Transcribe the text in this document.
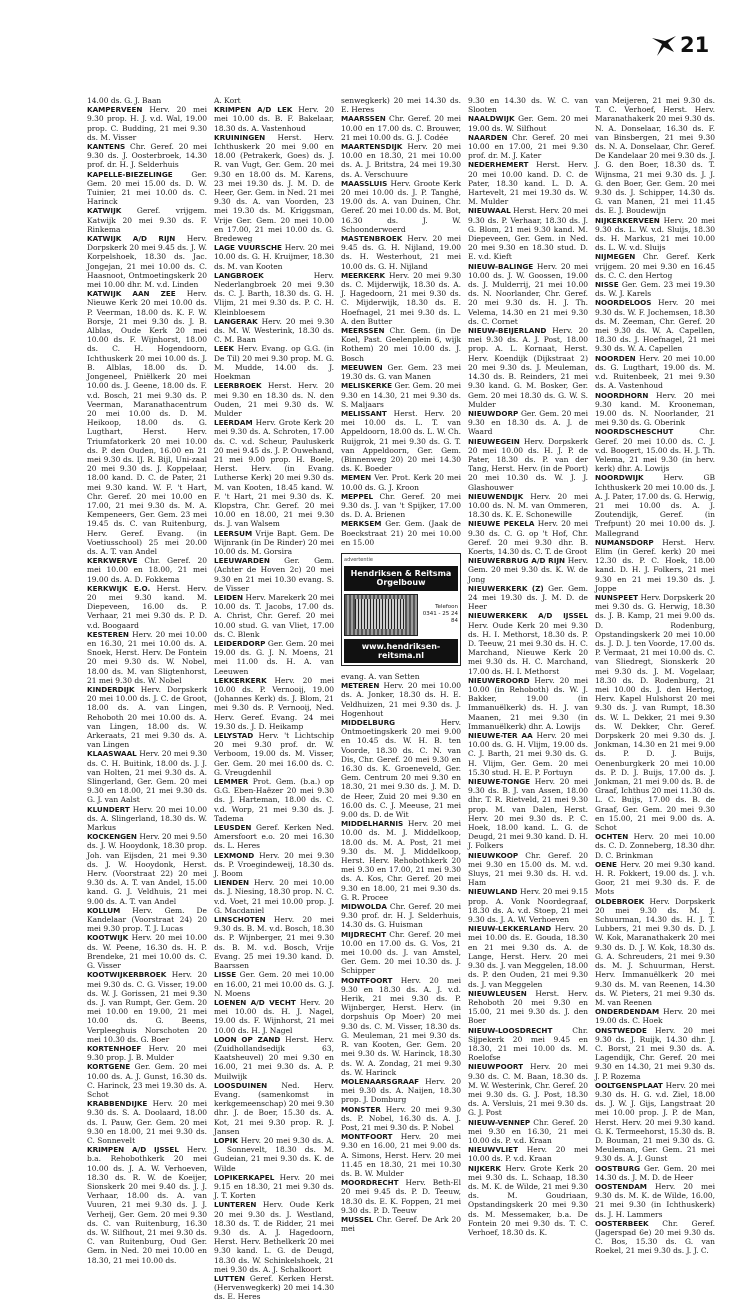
21

14.00 ds. G. J. Baan

KAMPERVEEN Herv. 20 mei 9.30 prop. H. J. v.d. Wal, 19.00 prop. C. Budding, 21 mei 9.30 ds. M. Visser

KANTENS Chr. Geref. 20 mei 9.30 ds. J. Oosterbroek, 14.30 prof. dr. H. J. Selderhuis

KAPELLE-BIEZELINGE	Ger. Gem. 20 mei 15.00 ds. D. W. Tuinier, 21 mei 10.00 ds. C. Harinck

KATWIJK Geref. vrijgem. Katwijk 20 mei 9.30 ds. F. Rinkema

KATWIJK A/D RIJN Herv. Dorpskerk 20 mei 9.45 ds. J. W. Korpelshoek, 18.30 ds. Jac. Jongejan, 21 mei 10.00 ds. C. Haasnoot, Ontmoetingskerk 20 mei 10.00 dhr. M. v.d. Linden

KATWIJK AAN ZEE Herv. Nieuwe Kerk 20 mei 10.00 ds. P. Veerman, 18.00 ds. K. F. W. Borsje, 21 mei 9.30 ds. J. B. Alblas, Oude Kerk 20 mei 10.00 ds. F. Wijnhorst, 18.00 ds. C. H. Hogendoorn, Ichthuskerk 20 mei 10.00 ds. J. B. Alblas, 18.00 ds. D. Jongeneel, Pniëlkerk 20 mei 10.00 ds. J. Geene, 18.00 ds. F. v.d. Bosch, 21 mei 9.30 ds. P. Veerman, Maranathacentrum 20 mei 10.00 ds. D. M. Heikoop, 18.00 ds. G. Lugthart, Herst. Herv. Triumfatorkerk 20 mei 10.00 ds. P. den Ouden, 16.00 en 21 mei 9.30 ds. IJ. R. Bijl, Uni-zaal 20 mei 9.30 ds. J. Koppelaar, 18.00 kand. D. C. de Pater, 21 mei 9.30 kand. W. F. 't Hart, Chr. Geref. 20 mei 10.00 en 17.00, 21 mei 9.30 ds. M. A. Kempeneers, Ger. Gem. 23 mei 19.45 ds. C. van Ruitenburg, Herv. Geref. Evang. (in Voetiusschool) 25 mei 20.00 ds. A. T. van Andel

KERKWERVE Chr. Geref. 20 mei 10.00 en 18.00, 21 mei 19.00 ds. A. D. Fokkema

KERKWIJK E.O. Herst. Herv. 20 mei 9.30 kand. M. Diepeveen, 16.00 ds. P. Verhaar, 21 mei 9.30 ds. P. D. v.d. Boogaard

KESTEREN Herv. 20 mei 10.00 en 16.30, 21 mei 10.00 ds. A. Snoek, Herst. Herv. De Fontein 20 mei 9.30 ds. W. Nobel, 18.00 ds. M. van Sligtenhorst, 21 mei 9.30 ds. W. Nobel

KINDERDIJK Herv. Dorpskerk 20 mei 10.00 ds. J. C. de Groot, 18.00 ds. A. van Lingen, Rehoboth 20 mei 10.00 ds. A. van Lingen, 18.00 ds. W. Arkeraats, 21 mei 9.30 ds. A. van Lingen

KLAASWAAL Herv. 20 mei 9.30 ds. C. H. Buitink, 18.00 ds. J. J. van Holten, 21 mei 9.30 ds. A. Slingerland, Ger. Gem. 20 mei 9.30 en 18.00, 21 mei 9.30 ds. G. J. van Aalst

KLUNDERT Herv. 20 mei 10.00 ds. A. Slingerland, 18.30 ds. W. Markus

KOCKENGEN Herv. 20 mei 9.50 ds. J. W. Hooydonk, 18.30 prop. Joh. van Eijsden, 21 mei 9.30 ds. J. W. Hooydonk, Herst. Herv. (Voorstraat 22) 20 mei 9.30 ds. A. T. van Andel, 15.00 kand. G. J. Veldhuis, 21 mei 9.00 ds. A. T. van Andel

KOLLUM Herv. Gem. De Kandelaar (Voorstraat 24) 20 mei 9.30 prop. T. J. Lucas

KOOTWIJK Herv. 20 mei 10.00 ds. W. Peene, 16.30 ds. H. P. Brendeke, 21 mei 10.00 ds. C. G. Visser

KOOTWIJKERBROEK Herv. 20 mei 9.30 ds. C. G. Visser, 19.00 ds. W. J. Gorissen, 21 mei 9.30 ds. J. van Rumpt, Ger. Gem. 20 mei 10.00 en 19.00, 21 mei 10.00 ds. G. Beens, Verpleeghuis Norschoten 20 mei 10.30 ds. G. Boer

KORTENHOEF Herv. 20 mei 9.30 prop. J. B. Mulder

KORTGENE Ger. Gem. 20 mei 10.00 ds. A. J. Gunst, 16.30 ds. C. Harinck, 23 mei 19.30 ds. A. Schot

KRABBENDIJKE Herv. 20 mei 9.30 ds. S. A. Doolaard, 18.00 ds. I. Pauw, Ger. Gem. 20 mei 9.30 en 18.00, 21 mei 9.30 ds. C. Sonnevelt

KRIMPEN A/D IJSSEL Herv. b.a. Rehobothkerk 20 mei 10.00 ds. J. A. W. Verhoeven, 18.30 ds. R. W. de Koeijer, Sionskerk 20 mei 9.40 ds. J. J. Verhaar, 18.00 ds. A. van Vuuren, 21 mei 9.30 ds. J. J. Verheij, Ger. Gem. 20 mei 9.30 ds. C. van Ruitenburg, 16.30 ds. W. Silfhout, 21 mei 9.30 ds. C. van Ruitenburg, Oud Ger. Gem. in Ned. 20 mei 10.00 en 18.30, 21 mei 10.00 ds.

A. Kort

KRIMPEN A/D LEK Herv. 20 mei 10.00 ds. B. F. Bakelaar, 18.30 ds. A. Vastenhoud

KRUININGEN Herst. Herv. Ichthuskerk 20 mei 9.00 en 18.00 (Petrakerk, Goes) ds. J. R. van Vugt, Ger. Gem. 20 mei 9.30 en 18.00 ds. M. Karens, 23 mei 19.30 ds. J. M. D. de Heer, Ger. Gem. in Ned. 21 mei 9.30 ds. A. van Voorden, 23 mei 19.30 ds. M. Kriggsman, Vrije Ger. Gem. 20 mei 10.00 en 17.00, 21 mei 10.00 ds. G. Bredeweg

LAGE VUURSCHE Herv. 20 mei 10.00 ds. G. H. Kruijmer, 18.30 ds. M. van Kooten

LANGBROEK	Herv. Nederlangbroek 20 mei 9.30 ds. C. J. Barth, 18.30 ds. G. H. Vlijm, 21 mei 9.30 ds. P. C. H. Kleinbloesem

LANGERAK Herv. 20 mei 9.30 ds. M. W. Westerink, 18.30 ds. C. M. Baan

LEEK Herv. Evang. op G.G. (in De Til) 20 mei 9.30 prop. M. G. M. Mudde, 14.00 ds. J. Hoekman

LEERBROEK Herst. Herv. 20 mei 9.30 en 18.30 ds. N. den Ouden, 21 mei 9.30 ds. W. Mulder

LEERDAM Herv. Grote Kerk 20 mei 9.30 ds. A. Schroten, 17.00 ds. C. v.d. Scheur, Pauluskerk 20 mei 9.45 ds. J. P. Ouwehand, 21 mei 9.00 prop. H. Boele, Herst. Herv. (in Evang. Lutherse Kerk) 20 mei 9.30 ds. M. van Kooten, 18.45 kand. W. F. 't Hart, 21 mei 9.30 ds. K. Klopstra, Chr. Geref. 20 mei 10.00 en 18.00, 21 mei 9.30 ds. J. van Walsem

LEERSUM Vrije Bapt. Gem. De Wijnrank (in De Rinder) 20 mei 10.00 ds. M. Gorsira

LEEUWARDEN Ger. Gem. (Achter de Hoven 2c) 20 mei 9.30 en 21 mei 10.30 evang. S. de Visser

LEIDEN Herv. Marekerk 20 mei 10.00 ds. T. Jacobs, 17.00 ds. A. Christ, Chr. Geref. 20 mei 10.00 stud. G. van Vliet, 17.00 ds. C. Blenk

LEIDERDORP Ger. Gem. 20 mei 19.00 ds. G. J. N. Moens, 21 mei 11.00 ds. H. A. van Leeuwen

LEKKERKERK Herv. 20 mei 10.00 ds. P. Vernooij, 19.00 (Johannes Kerk) ds. J. Blom, 21 mei 9.30 ds. P. Vernooij, Ned. Herv. Geref. Evang. 24 mei 19.30 ds. J. D. Heikamp

LELYSTAD Herv. 't Lichtschip 20 mei 9.30 prof. dr. W. Verboom, 19.00 ds. M. Visser, Ger. Gem. 20 mei 16.00 ds. C. G. Vreugdenhil

LEMMER Prot. Gem. (b.a.) op G.G. Eben-Haëzer 20 mei 9.30 ds. J. Harteman, 18.00 ds. C. v.d. Worp, 21 mei 9.30 ds. J. Tadema

LEUSDEN Geref. Kerken Ned. Amersfoort e.o. 20 mei 16.30 ds. L. Heres

LEXMOND Herv. 20 mei 9.30 ds. P. Vroegindeweij, 18.30 ds. J. Boom

LIENDEN Herv. 20 mei 10.00 ds. J. Niesing, 18.30 prop. N. C. v.d. Voet, 21 mei 10.00 prop. J. G. Macdaniel

LINSCHOTEN Herv. 20 mei 9.30 ds. B. M. v.d. Bosch, 18.30 ds. P. Wijnberger, 21 mei 9.30 ds. B. M. v.d. Bosch, Vrije Evang. 25 mei 19.30 kand. D. Baarssen

LISSE Ger. Gem. 20 mei 10.00 en 16.00, 21 mei 10.00 ds. G. J. N. Moens

LOENEN A/D VECHT Herv. 20 mei 10.00 ds. H. J. Nagel, 19.00 ds. F. Wijnhorst, 21 mei 10.00 ds. H. J. Nagel

LOON OP ZAND Herst. Herv. (Zuidhollandsedijk 63, Kaatsheuvel) 20 mei 9.30 en 16.00, 21 mei 9.30 ds. A. P. Muilwijk

LOOSDUINEN Ned. Herv. Evang. (samenkomst in kerkgemeenschap) 20 mei 9.30 dhr. J. de Boer, 15.30 ds. A. Kot, 21 mei 9.30 prop. R. J. Jansen

LOPIK Herv. 20 mei 9.30 ds. A. J. Sonnevelt, 18.30 ds. M. Gudeian, 21 mei 9.30 ds. K. de Wilde

LOPIKERKAPEL Herv. 20 mei 9.15 en 18.30, 21 mei 9.30 ds. J. T. Korten

LUNTEREN Herv. Oude Kerk 20 mei 9.30 ds. J. Westland, 18.30 ds. T. de Ridder, 21 mei 9.30 ds. A. J. Hagedoorn, Herst. Herv. Bethelkerk 20 mei 9.30 kand. L. G. de Deugd, 18.30 ds. W. Schinkelshoek, 21 mei 9.30 ds. A. J. Schalkoort

LUTTEN Geref. Kerken Herst. (Hervenwegkerk) 20 mei 14.30 ds. E. Heres

senwegkerk) 20 mei 14.30 ds. E. Heres

MAARSSEN Chr. Geref. 20 mei 10.00 en 17.00 ds. C. Brouwer, 21 mei 10.00 ds. G. J. Codée

MAARTENSDIJK Herv. 20 mei 10.00 en 18.30, 21 mei 10.00 ds. A. J. Britstra, 24 mei 19.30 ds. A. Verschuure

MAASSLUIS Herv. Groote Kerk 20 mei 10.00 ds. J. P. Tanghé, 19.00 ds. A. van Duinen, Chr. Geref. 20 mei 10.00 ds. M. Bot, 16.30 ds. J. W. Schoonderwoerd

MASTENBROEK Herv. 20 mei 9.45 ds. G. H. Nijland, 19.00 ds. H. Westerhout, 21 mei 10.00 ds. G. H. Nijland

MEERKERK Herv. 20 mei 9.30 ds. C. Mijderwijk, 18.30 ds. A. J. Hagedoorn, 21 mei 9.30 ds. C. Mijderwijk, 18.30 ds. E. Hoefnagel, 21 mei 9.30 ds. L. A. den Butter

MEERSSEN Chr. Gem. (in De Koel, Past. Geelenplein 6, wijk Rothem) 20 mei 10.00 ds. J. Bosch

MEEUWEN Ger. Gem. 23 mei 19.30 ds. G. van Manen

MELISKERKE Ger. Gem. 20 mei 9.30 en 14.30, 21 mei 9.30 ds. S. Maljaars

MELISSANT Herst. Herv. 20 mei 10.00 ds. L. T. van Appeldoorn, 18.00 ds. L. W. Ch. Ruijgrok, 21 mei 9.30 ds. G. T. van Appeldoorn, Ger. Gem. (Binnenweg 20) 20 mei 14.30 ds. K. Boeder

MEMEN Ver. Prot. Kerk 20 mei 10.00 ds. G. J. Kroon

MEPPEL Chr. Geref. 20 mei 9.30 ds. J. van 't Spijker, 17.00 ds. D. A. Brienen

MERKSEM Ger. Gem. (Jaak de Boeckstraat 21) 20 mei 10.00 en 15.00

advertentie
Hendriksen & Reitsma Orgelbouw
Telefoon
0341 - 25 24 84
www.hendriksen-reitsma.nl

evang. A. van Setten

METEREN Herv. 20 mei 10.00 ds. A. Jonker, 18.30 ds. H. E. Veldhuizen, 21 mei 9.30 ds. J. Hogenhout

MIDDELBURG	Herv. Ontmoetingskerk 20 mei 9.00 en 10.45 ds. W. H. B. ten Voorde, 18.30 ds. C. N. van Dis, Chr. Geref. 20 mei 9.30 en 16.30 ds. K. Groeneveld, Ger. Gem. Centrum 20 mei 9.30 en 18.30, 21 mei 9.30 ds. J. M. D. de Heer, Zuid 20 mei 9.30 en 16.00 ds. C. J. Meeuse, 21 mei 9.00 ds. D. de Wit

MIDDELHARNIS Herv. 20 mei 10.00 ds. M. J. Middelkoop, 18.00 ds. M. A. Post, 21 mei 9.30 ds. M. J. Middelkoop, Herst. Herv. Rehobothkerk 20 mei 9.30 en 17.00, 21 mei 9.30 ds. A. Kos, Chr. Geref. 20 mei 9.30 en 18.00, 21 mei 9.30 ds. G. R. Procee

MIDWOLDA Chr. Geref. 20 mei 9.30 prof. dr. H. J. Selderhuis, 14.30 ds. G. Huisman

MIJDRECHT Chr. Geref. 20 mei 10.00 en 17.00 ds. G. Vos, 21 mei 10.00 ds. J. van Amstel, Ger. Gem. 20 mei 10.30 ds. J. Schipper

MONTFOORT Herv. 20 mei 9.30 en 18.30 ds. A. J. v.d. Herik, 21 mei 9.30 ds. P. Wijnberger, Herst. Herv. (in dorpshuis Op Moer) 20 mei 9.30 ds. C. M. Visser, 18.30 ds. G. Meuleman, 21 mei 9.30 ds. R. van Kooten, Ger. Gem. 20 mei 9.30 ds. W. Harinck, 18.30 ds. W. A. Zondag, 21 mei 9.30 ds. W. Harinck

MOLENAARSGRAAF Herv. 20 mei 9.30 ds. A. Naijen, 18.30 prop. J. Domburg

MONSTER Herv. 20 mei 9.30 ds. P. Nobel, 16.30 ds. A. J. Post, 21 mei 9.30 ds. P. Nobel

MONTFOORT Herv. 20 mei 9.30 en 16.00, 21 mei 9.00 ds. A. Simons, Herst. Herv. 20 mei 11.45 en 18.30, 21 mei 10.30 ds. B. W. Mulder

MOORDRECHT Herv. Beth-El 20 mei 9.45 ds. P. D. Teeuw, 18.30 ds. E. K. Foppen, 21 mei 9.30 ds. P. D. Teeuw

MUSSEL Chr. Geref. De Ark 20 mei

9.30 en 14.30 ds. W. C. van Slooten

NAALDWIJK Ger. Gem. 20 mei 19.00 ds. W. Silfhout

NAARDEN Chr. Geref. 20 mei 10.00 en 17.00, 21 mei 9.30 prof. dr. M. J. Kater

NEDERHEMERT Herst. Herv. 20 mei 10.00 kand. D. C. de Pater, 18.30 kand. L. D. A. Hartevelt, 21 mei 19.30 ds. W. M. Mulder

NIEUWAAL Herst. Herv. 20 mei 9.30 ds. P. Verhaar, 18.30 ds. J. G. Blom, 21 mei 9.30 kand. M. Diepeveen, Ger. Gem. in Ned. 20 mei 9.30 en 18.30 stud. D. E. v.d. Kieft

NIEUW-BALINGE Herv. 20 mei 10.00 ds. J. W. Goossen, 19.00 ds. J. Mulderrij, 21 mei 10.00 ds. N. Noorlander, Chr. Geref. 20 mei 9.30 ds. H. J. Th. Velema, 14.30 en 21 mei 9.30 ds. C. Cornet

NIEUW-BEIJERLAND Herv. 20 mei 9.30 ds. A. J. Post, 18.00 prop. A. L. Kornaat, Herst. Herv. Koendijk (Dijkstraat 2) 20 mei 9.30 ds. J. Meuleman, 14.30 ds. B. Reinders, 21 mei 9.30 kand. G. M. Bosker, Ger. Gem. 20 mei 18.30 ds. G. W. S. Mulder

NIEUWDORP Ger. Gem. 20 mei 9.30 en 18.30 ds. A. J. de Waard

NIEUWEGEIN Herv. Dorpskerk 20 mei 10.00 ds. H. J. P. de Pater, 18.30 ds. P. van der Tang, Herst. Herv. (in de Poort) 20 mei 10.30 ds. W. J. J. Glashouwer

NIEUWENDIJK Herv. 20 mei 10.00 ds. N. M. van Ommeren, 18.30 ds. K. E. Schonewille

NIEUWE PEKELA Herv. 20 mei 9.30 ds. C. G. op 't Hof, Chr. Geref. 20 mei 9.30 dhr. B. Koerts, 14.30 ds. C. T. de Groot

NIEUWERBRUG A/D RIJN Herv. Gem. 20 mei 9.30 ds. K. W. de Jong

NIEUWERKERK (Z) Ger. Gem. 24 mei 19.30 ds. J. M. D. de Heer

NIEUWERKERK A/D IJSSEL Herv. Oude Kerk 20 mei 9.30 ds. H. I. Methorst, 18.30 ds. P. D. Teeuw, 21 mei 9.30 ds. H. C. Marchand, Nieuwe Kerk 20 mei 9.30 ds. H. C. Marchand, 17.00 ds. H. I. Methorst

NIEUWEROORD Herv. 20 mei 10.00 (in Rehoboth) ds. W. J. Bakker, 19.00 (in Immanuëlkerk) ds. H. J. van Maanen, 21 mei 9.30 (in Immanuëlkerk) dhr. A. Lowijs

NIEUWE-TER AA Herv. 20 mei 10.00 ds. G. H. Vlijm, 19.00 ds. C. J. Barth, 21 mei 9.30 ds. G. H. Vlijm, Ger. Gem. 20 mei 15.30 stud. H. E. P. Fortuyn

NIEUWE-TONGE Herv. 20 mei 9.30 ds. B. J. van Assen, 18.00 dhr. T. R. Rietveld, 21 mei 9.30 prop. M. van Dalen, Herst. Herv. 20 mei 9.30 ds. P. C. Hoek, 18.00 kand. L. G. de Deugd, 21 mei 9.30 kand. D. H. J. Folkers

NIEUWKOOP Chr. Geref. 20 mei 9.30 en 15.00 ds. M. v.d. Sluys, 21 mei 9.30 ds. H. v.d. Ham

NIEUWLAND Herv. 20 mei 9.15 prop. A. Vonk Noordegraaf, 18.30 ds. A. v.d. Stoep, 21 mei 9.30 ds. J. A. W. Verhoeven

NIEUW-LEKKERLAND Herv. 20 mei 10.00 ds. E. Gouda, 18.30 en 21 mei 9.30 ds. A. de Lange, Herst. Herv. 20 mei 9.30 ds. J. van Meggelen, 18.00 ds. P. den Ouden, 21 mei 9.30 ds. J. van Meggelen

NIEUWLEUSEN Herst. Herv. Rehoboth 20 mei 9.30 en 15.00, 21 mei 9.30 ds. J. den Boer

NIEUW-LOOSDRECHT	Chr. Sijpekerk 20 mei 9.45 en 18.30, 21 mei 10.00 ds. M. Roelofse

NIEUWPOORT Herv. 20 mei 9.30 ds. C. M. Baan, 18.30 ds. M. W. Westerink, Chr. Geref. 20 mei 9.30 ds. G. J. Post, 18.30 ds. A. Versluis, 21 mei 9.30 ds. G. J. Post

NIEUW-VENNEP Chr. Geref. 20 mei 9.30 en 16.30, 21 mei 10.00 ds. P. v.d. Kraan

NIEUWVLIET Herv. 20 mei 10.00 ds. P. v.d. Kraan

NIJKERK Herv. Grote Kerk 20 mei 9.30 ds. L. Schaap, 18.30 ds. M. K. de Wilde, 21 mei 9.30 ds. M. Goudriaan, Opstandingskerk 20 mei 9.30 ds. M. Messemaker, b.a. De Fontein 20 mei 9.30 ds. T. C. Verhoef, 18.30 ds. K.

van Meijeren, 21 mei 9.30 ds. T. C. Verhoef, Herst. Herv. Maranathakerk 20 mei 9.30 ds. N. A. Donselaar, 16.30 ds. F. van Binsbergen, 21 mei 9.30 ds. N. A. Donselaar, Chr. Geref. De Kandelaar 20 mei 9.30 ds. J. J. G. den Boer, 18.30 ds. T. Wijnsma, 21 mei 9.30 ds. J. J. G. den Boer, Ger. Gem. 20 mei 9.30 ds. J. Schipper, 14.30 ds. G. van Manen, 21 mei 11.45 ds. E. J. Boudewijn

NIJKERKERVEEN Herv. 20 mei 9.30 ds. L. W. v.d. Sluijs, 18.30 ds. H. Markus, 21 mei 10.00 ds. L. W. v.d. Sluijs

NIJMEGEN Chr. Geref. Kerk vrijgem. 20 mei 9.30 en 16.45 ds. C. C. den Hertog

NISSE Ger. Gem. 23 mei 19.30 ds. W. J. Karels

NOORDELOOS Herv. 20 mei 9.30 ds. W. F. Jochemsen, 18.30 ds. M. Zeeman, Chr. Geref. 20 mei 9.30 ds. W. A. Capellen, 18.30 ds. J. Hoefnagel, 21 mei 9.30 ds. W. A. Capellen

NOORDEN Herv. 20 mei 10.00 ds. G. Lugthart, 19.00 ds. M. v.d. Ruitenbeek, 21 mei 9.30 ds. A. Vastenhoud

NOORDHORN Herv. 20 mei 9.30 kand. M. Krooneman, 19.00 ds. N. Noorlander, 21 mei 9.30 ds. G. Oberink

NOORDSCHESCHUT	Chr. Geref. 20 mei 10.00 ds. C. J. v.d. Boogert, 15.00 ds. H. J. Th. Velema, 21 mei 9.30 (in herv. kerk) dhr. A. Lowijs

NOORDWIJK	Herv. GB Ichthuskerk 20 mei 10.00 ds. J. A. J. Pater, 17.00 ds. G. Herwig, 21 mei 10.00 ds. A. J. Zoutendijk, Geref. (in Trefpunt) 20 mei 10.00 ds. J. Mallegrand

NUMANSDORP Herst. Herv. Elim (in Geref. kerk) 20 mei 12.30 ds. P. C. Hoek, 18.00 kand. D. H. J. Folkers, 21 mei 9.30 en 21 mei 19.30 ds. J. Joppe

NUNSPEET Herv. Dorpskerk 20 mei 9.30 ds. G. Herwig, 18.30 ds. J. B. Kamp, 21 mei 9.00 ds. D. Rodenburg, Opstandingskerk 20 mei 10.00 ds. J. D. J. ten Voorde, 17.00 ds. P. Vermaat, 21 mei 10.00 ds. C. van Sliedregt, Sionskerk 20 mei 9.30 ds. J. M. Vogelaar, 18.30 ds. D. Rodenburg, 21 mei 10.00 ds. J. den Hertog, Herv. Kapel Hulshorst 20 mei 9.30 ds. J. van Rumpt, 18.30 ds. W. L. Dekker, 21 mei 9.30 ds. W. Dekker, Chr. Geref. Dorpskerk 20 mei 9.30 ds. J. Jonkman, 14.30 en 21 mei 9.00 ds. P. D. J. Buijs, Oenenburgkerk 20 mei 10.00 ds. P. D. J. Buijs, 17.00 ds. J. Jonkman, 21 mei 9.00 ds. B. de Graaf, Ichthus 20 mei 11.30 ds. L. C. Buijs, 17.00 ds. B. de Graaf, Ger. Gem. 20 mei 9.30 en 15.00, 21 mei 9.00 ds. A. Schot

OCHTEN Herv. 20 mei 10.00 ds. C. D. Zonneberg, 18.30 dhr. D. C. Brinkman

OENE Herv. 20 mei 9.30 kand. H. R. Fokkert, 19.00 ds. J. v.h. Goor, 21 mei 9.30 ds. F. de Mots

OLDEBROEK Herv. Dorpskerk 20 mei 9.30 ds. M. J. Schuurman, 14.30 ds. H. J. T. Lubbers, 21 mei 9.30 ds. D. J. W. Kok, Maranathakerk 20 mei 9.30 ds. D. J. W. Kok, 18.30 ds. G. A. Schreuders, 21 mei 9.30 ds. M. J. Schuurman, Herst. Herv. Immanuëlkerk 20 mei 9.30 ds. M. van Reenen, 14.30 ds. W. Pieters, 21 mei 9.30 ds. M. van Reenen

ONDERDENDAM Herv. 20 mei 19.00 ds. C. Hoek

ONSTWEDDE Herv. 20 mei 9.30 ds. J. Ruijk, 14.30 dhr. J. C. Borst, 21 mei 9.30 ds. A. Lagendijk, Chr. Geref. 20 mei 9.30 en 14.30, 21 mei 9.30 ds. J. P. Rozema

OOLTGENSPLAAT Herv. 20 mei 9.30 ds. H. G. v.d. Ziel, 18.00 ds. J. W. J. Gijs, Langstraat 20 mei 10.00 prop. J. P. de Man, Herst. Herv. 20 mei 9.30 kand. G. K. Termeehorst, 15.30 ds. B. D. Bouman, 21 mei 9.30 ds. G. Meuleman, Ger. Gem. 21 mei 9.30 ds. A. J. Gunst

OOSTBURG Ger. Gem. 20 mei 14.30 ds. J. M. D. de Heer

OOSTENDAM Herv. 20 mei 9.30 ds. M. K. de Wilde, 16.00, 21 mei 9.30 (in Ichthuskerk) ds. J. H. Lammers

OOSTERBEEK Chr. Geref. (Jagerspad 6e) 20 mei 9.30 ds. C. Bos, 15.30 ds. G. van Roekel, 21 mei 9.30 ds. J. J. C.
